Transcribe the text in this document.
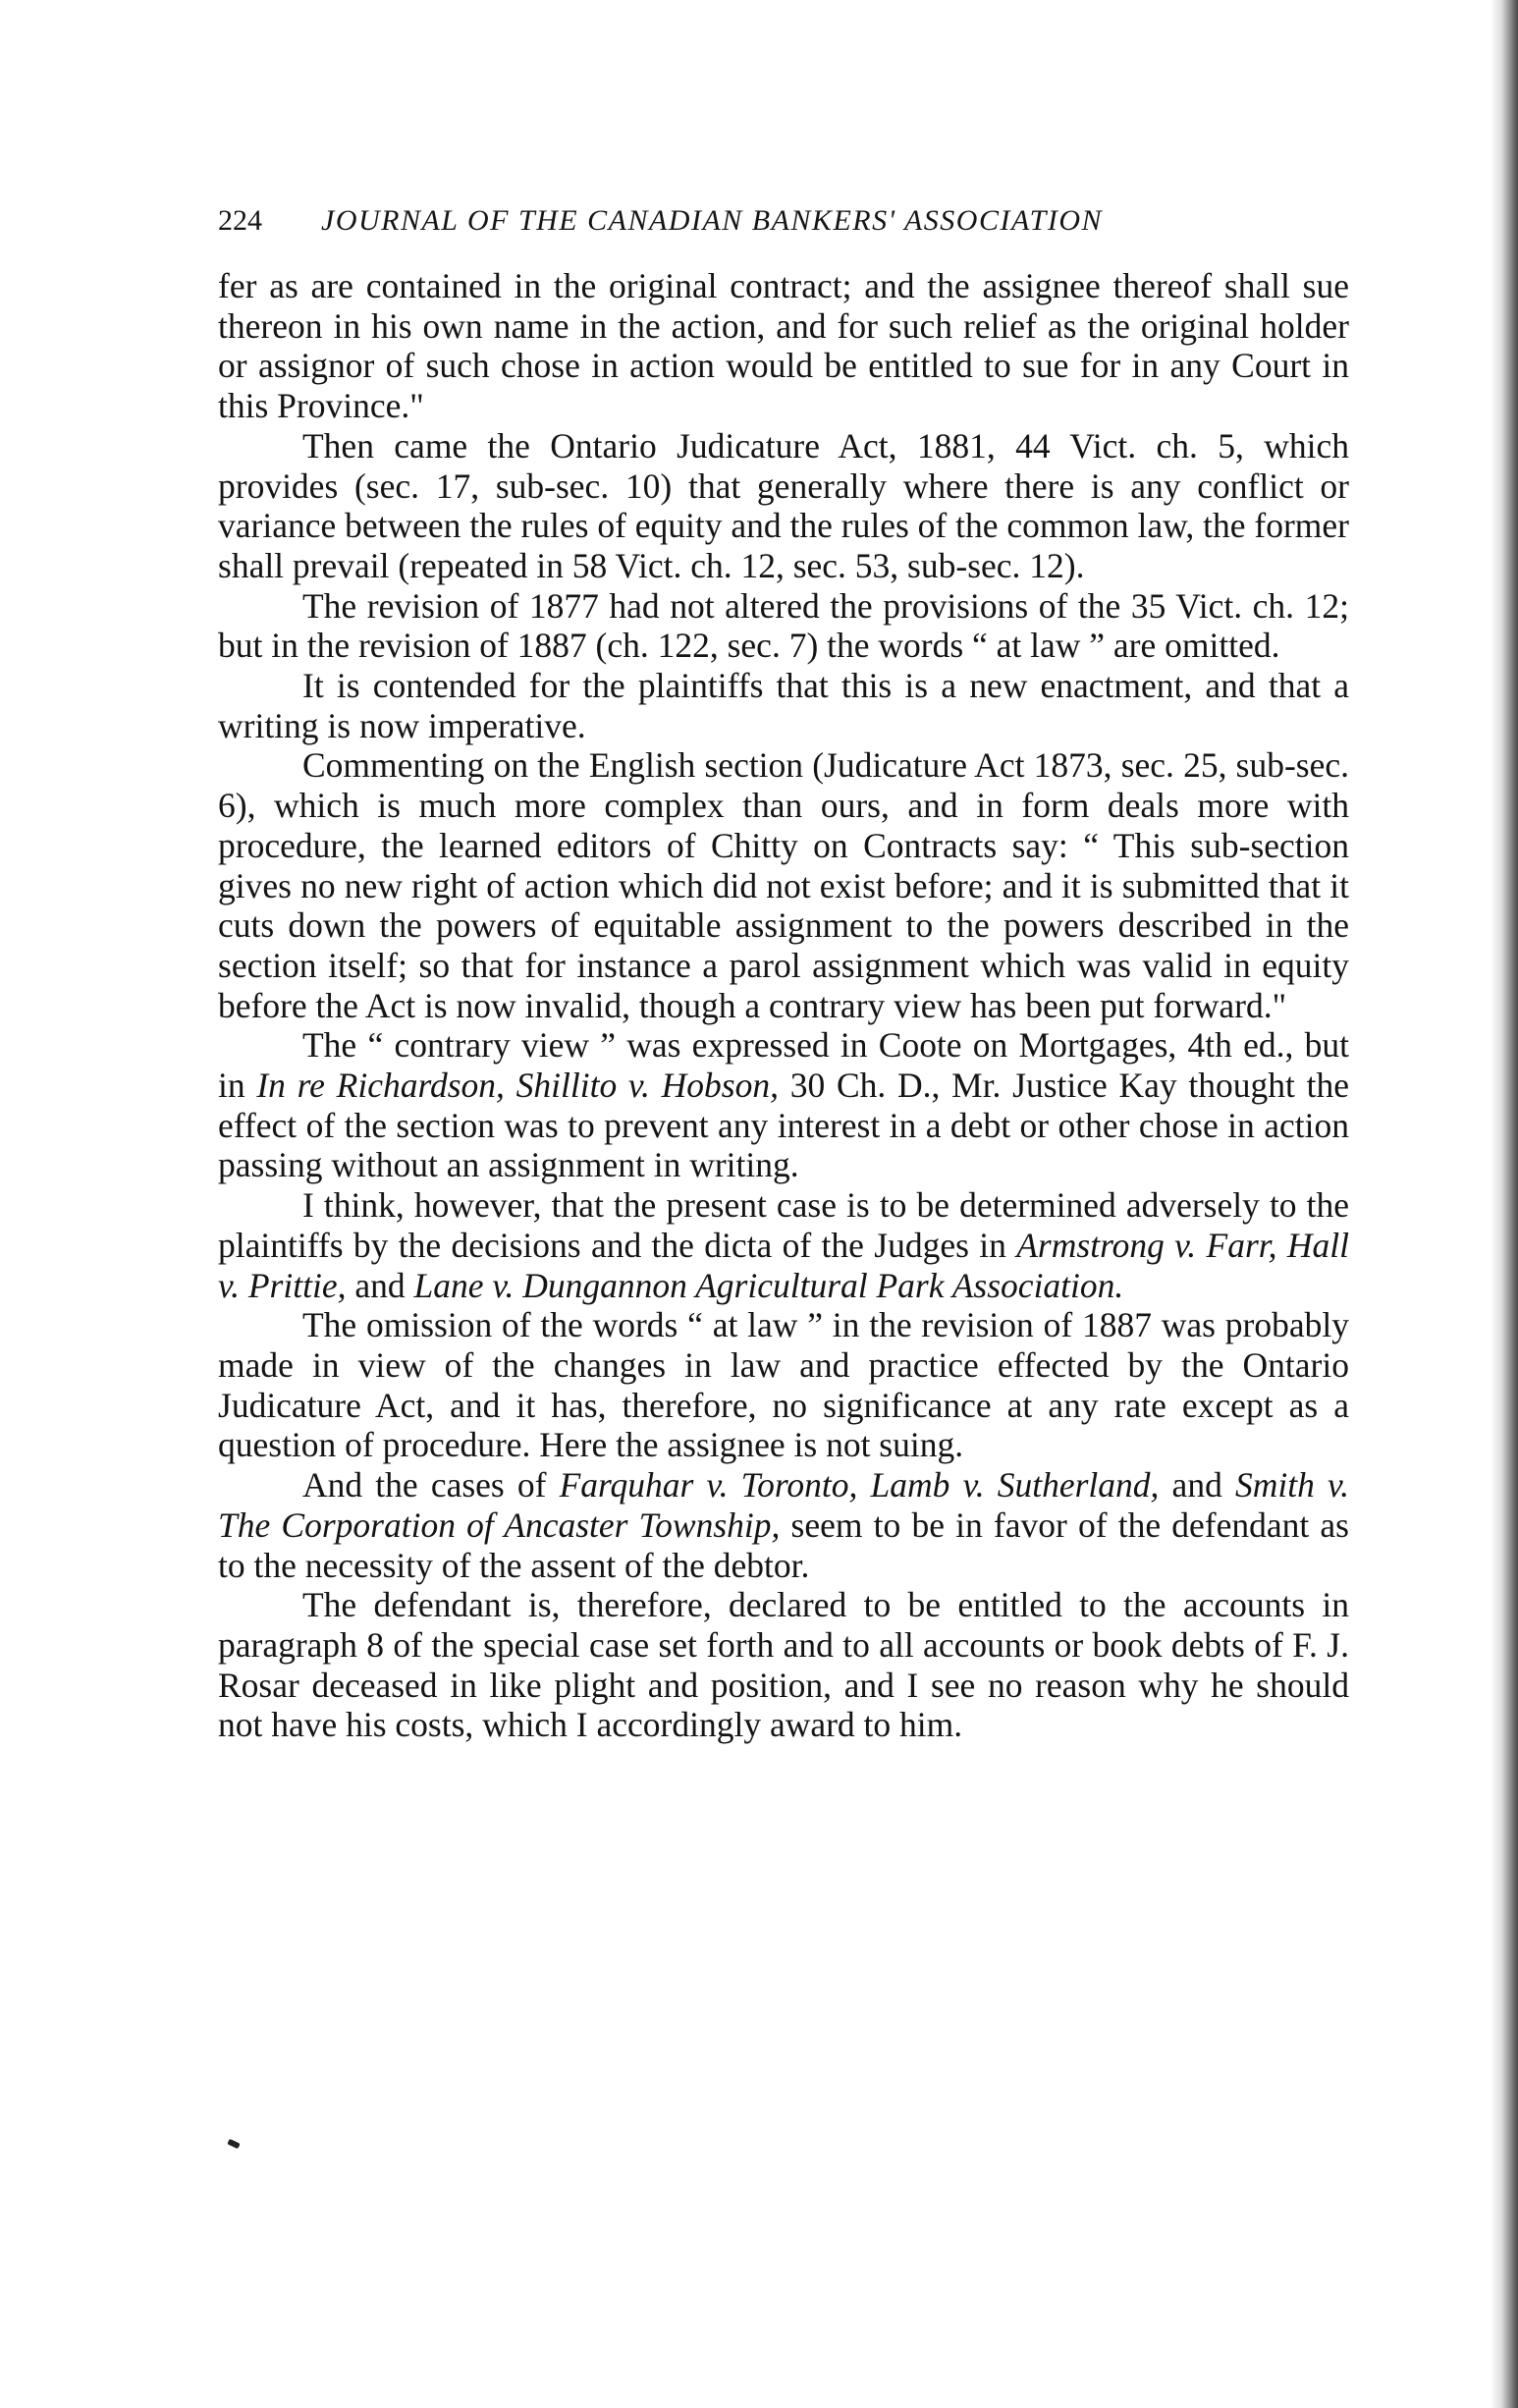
224 JOURNAL OF THE CANADIAN BANKERS' ASSOCIATION

fer as are contained in the original contract; and the assignee thereof shall sue thereon in his own name in the action, and for such relief as the original holder or assignor of such chose in action would be entitled to sue for in any Court in this Province."

Then came the Ontario Judicature Act, 1881, 44 Vict. ch. 5, which provides (sec. 17, sub-sec. 10) that generally where there is any conflict or variance between the rules of equity and the rules of the common law, the former shall prevail (repeated in 58 Vict. ch. 12, sec. 53, sub-sec. 12).

The revision of 1877 had not altered the provisions of the 35 Vict. ch. 12; but in the revision of 1887 (ch. 122, sec. 7) the words “ at law ” are omitted.

It is contended for the plaintiffs that this is a new enactment, and that a writing is now imperative.

Commenting on the English section (Judicature Act 1873, sec. 25, sub-sec. 6), which is much more complex than ours, and in form deals more with procedure, the learned editors of Chitty on Contracts say: “ This sub-section gives no new right of action which did not exist before; and it is submitted that it cuts down the powers of equitable assignment to the powers described in the section itself; so that for instance a parol assignment which was valid in equity before the Act is now invalid, though a contrary view has been put forward."

The “ contrary view ” was expressed in Coote on Mortgages, 4th ed., but in In re Richardson, Shillito v. Hobson, 30 Ch. D., Mr. Justice Kay thought the effect of the section was to prevent any interest in a debt or other chose in action passing without an assignment in writing.

I think, however, that the present case is to be determined adversely to the plaintiffs by the decisions and the dicta of the Judges in Armstrong v. Farr, Hall v. Prittie, and Lane v. Dungannon Agricultural Park Association.

The omission of the words “ at law ” in the revision of 1887 was probably made in view of the changes in law and practice effected by the Ontario Judicature Act, and it has, therefore, no significance at any rate except as a question of procedure. Here the assignee is not suing.

And the cases of Farquhar v. Toronto, Lamb v. Sutherland, and Smith v. The Corporation of Ancaster Township, seem to be in favor of the defendant as to the necessity of the assent of the debtor.

The defendant is, therefore, declared to be entitled to the accounts in paragraph 8 of the special case set forth and to all accounts or book debts of F. J. Rosar deceased in like plight and position, and I see no reason why he should not have his costs, which I accordingly award to him.
